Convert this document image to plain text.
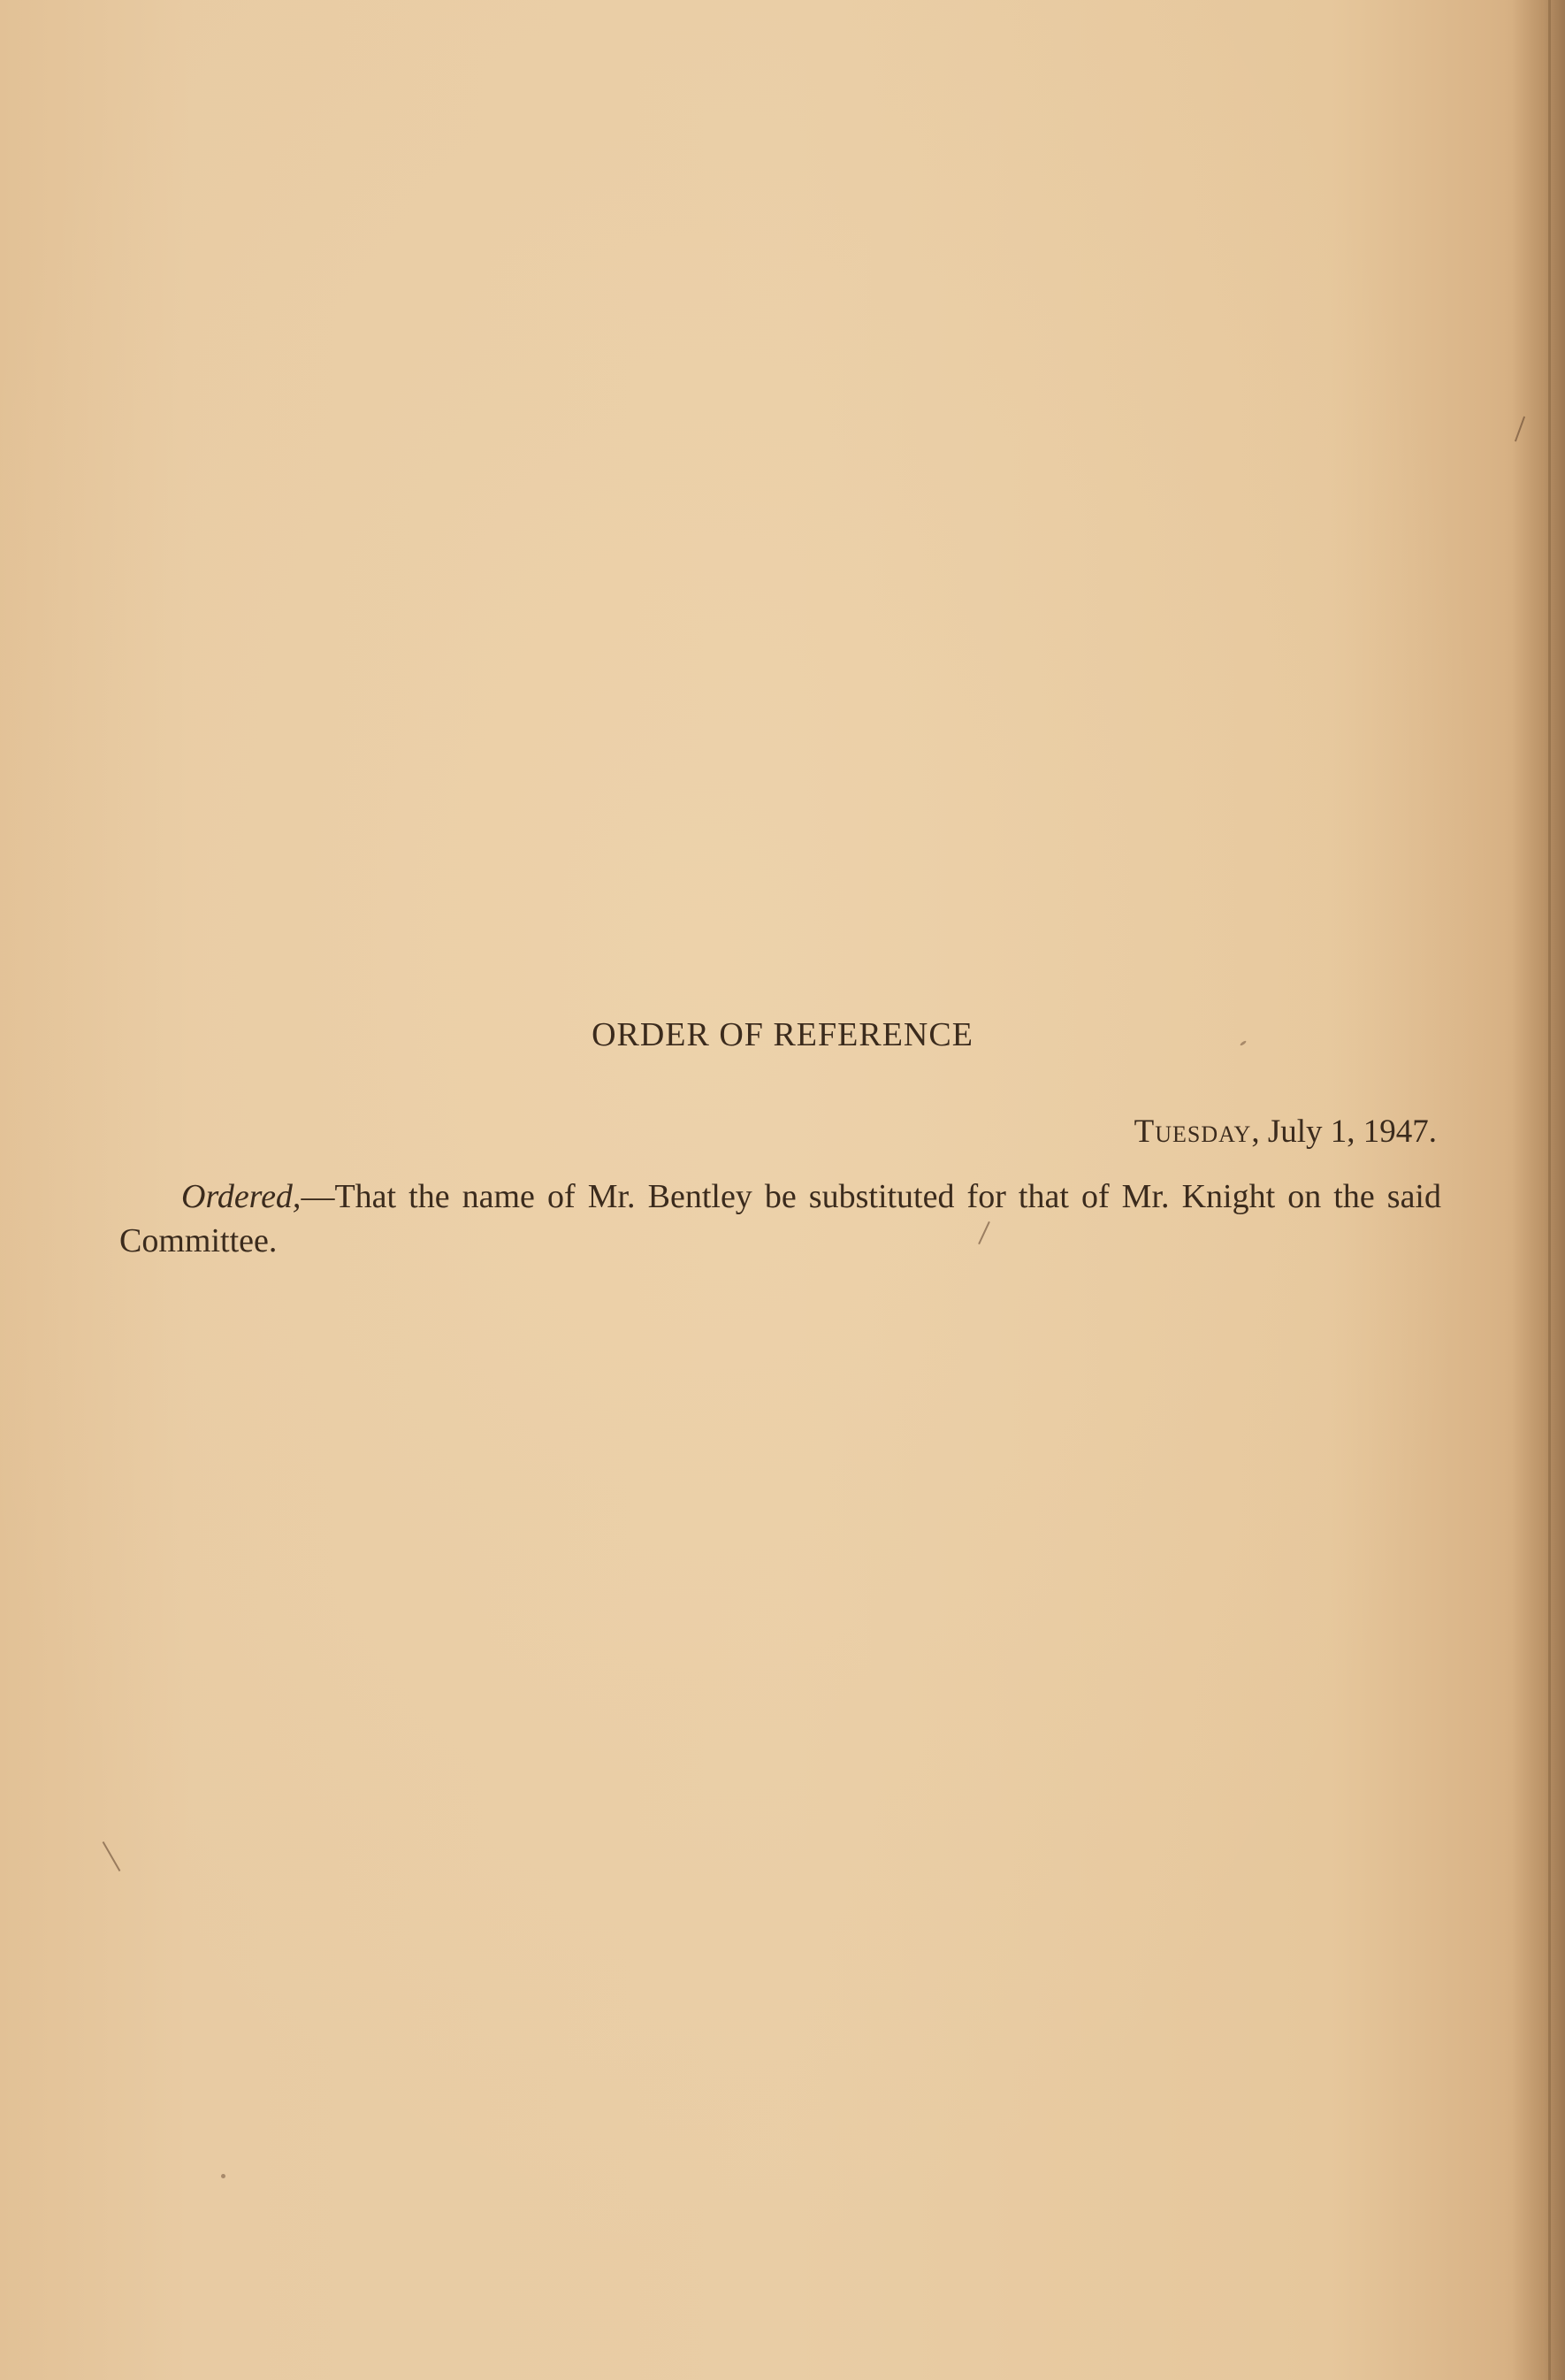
ORDER OF REFERENCE
Tuesday, July 1, 1947.
Ordered,—That the name of Mr. Bentley be substituted for that of Mr. Knight on the said Committee.
